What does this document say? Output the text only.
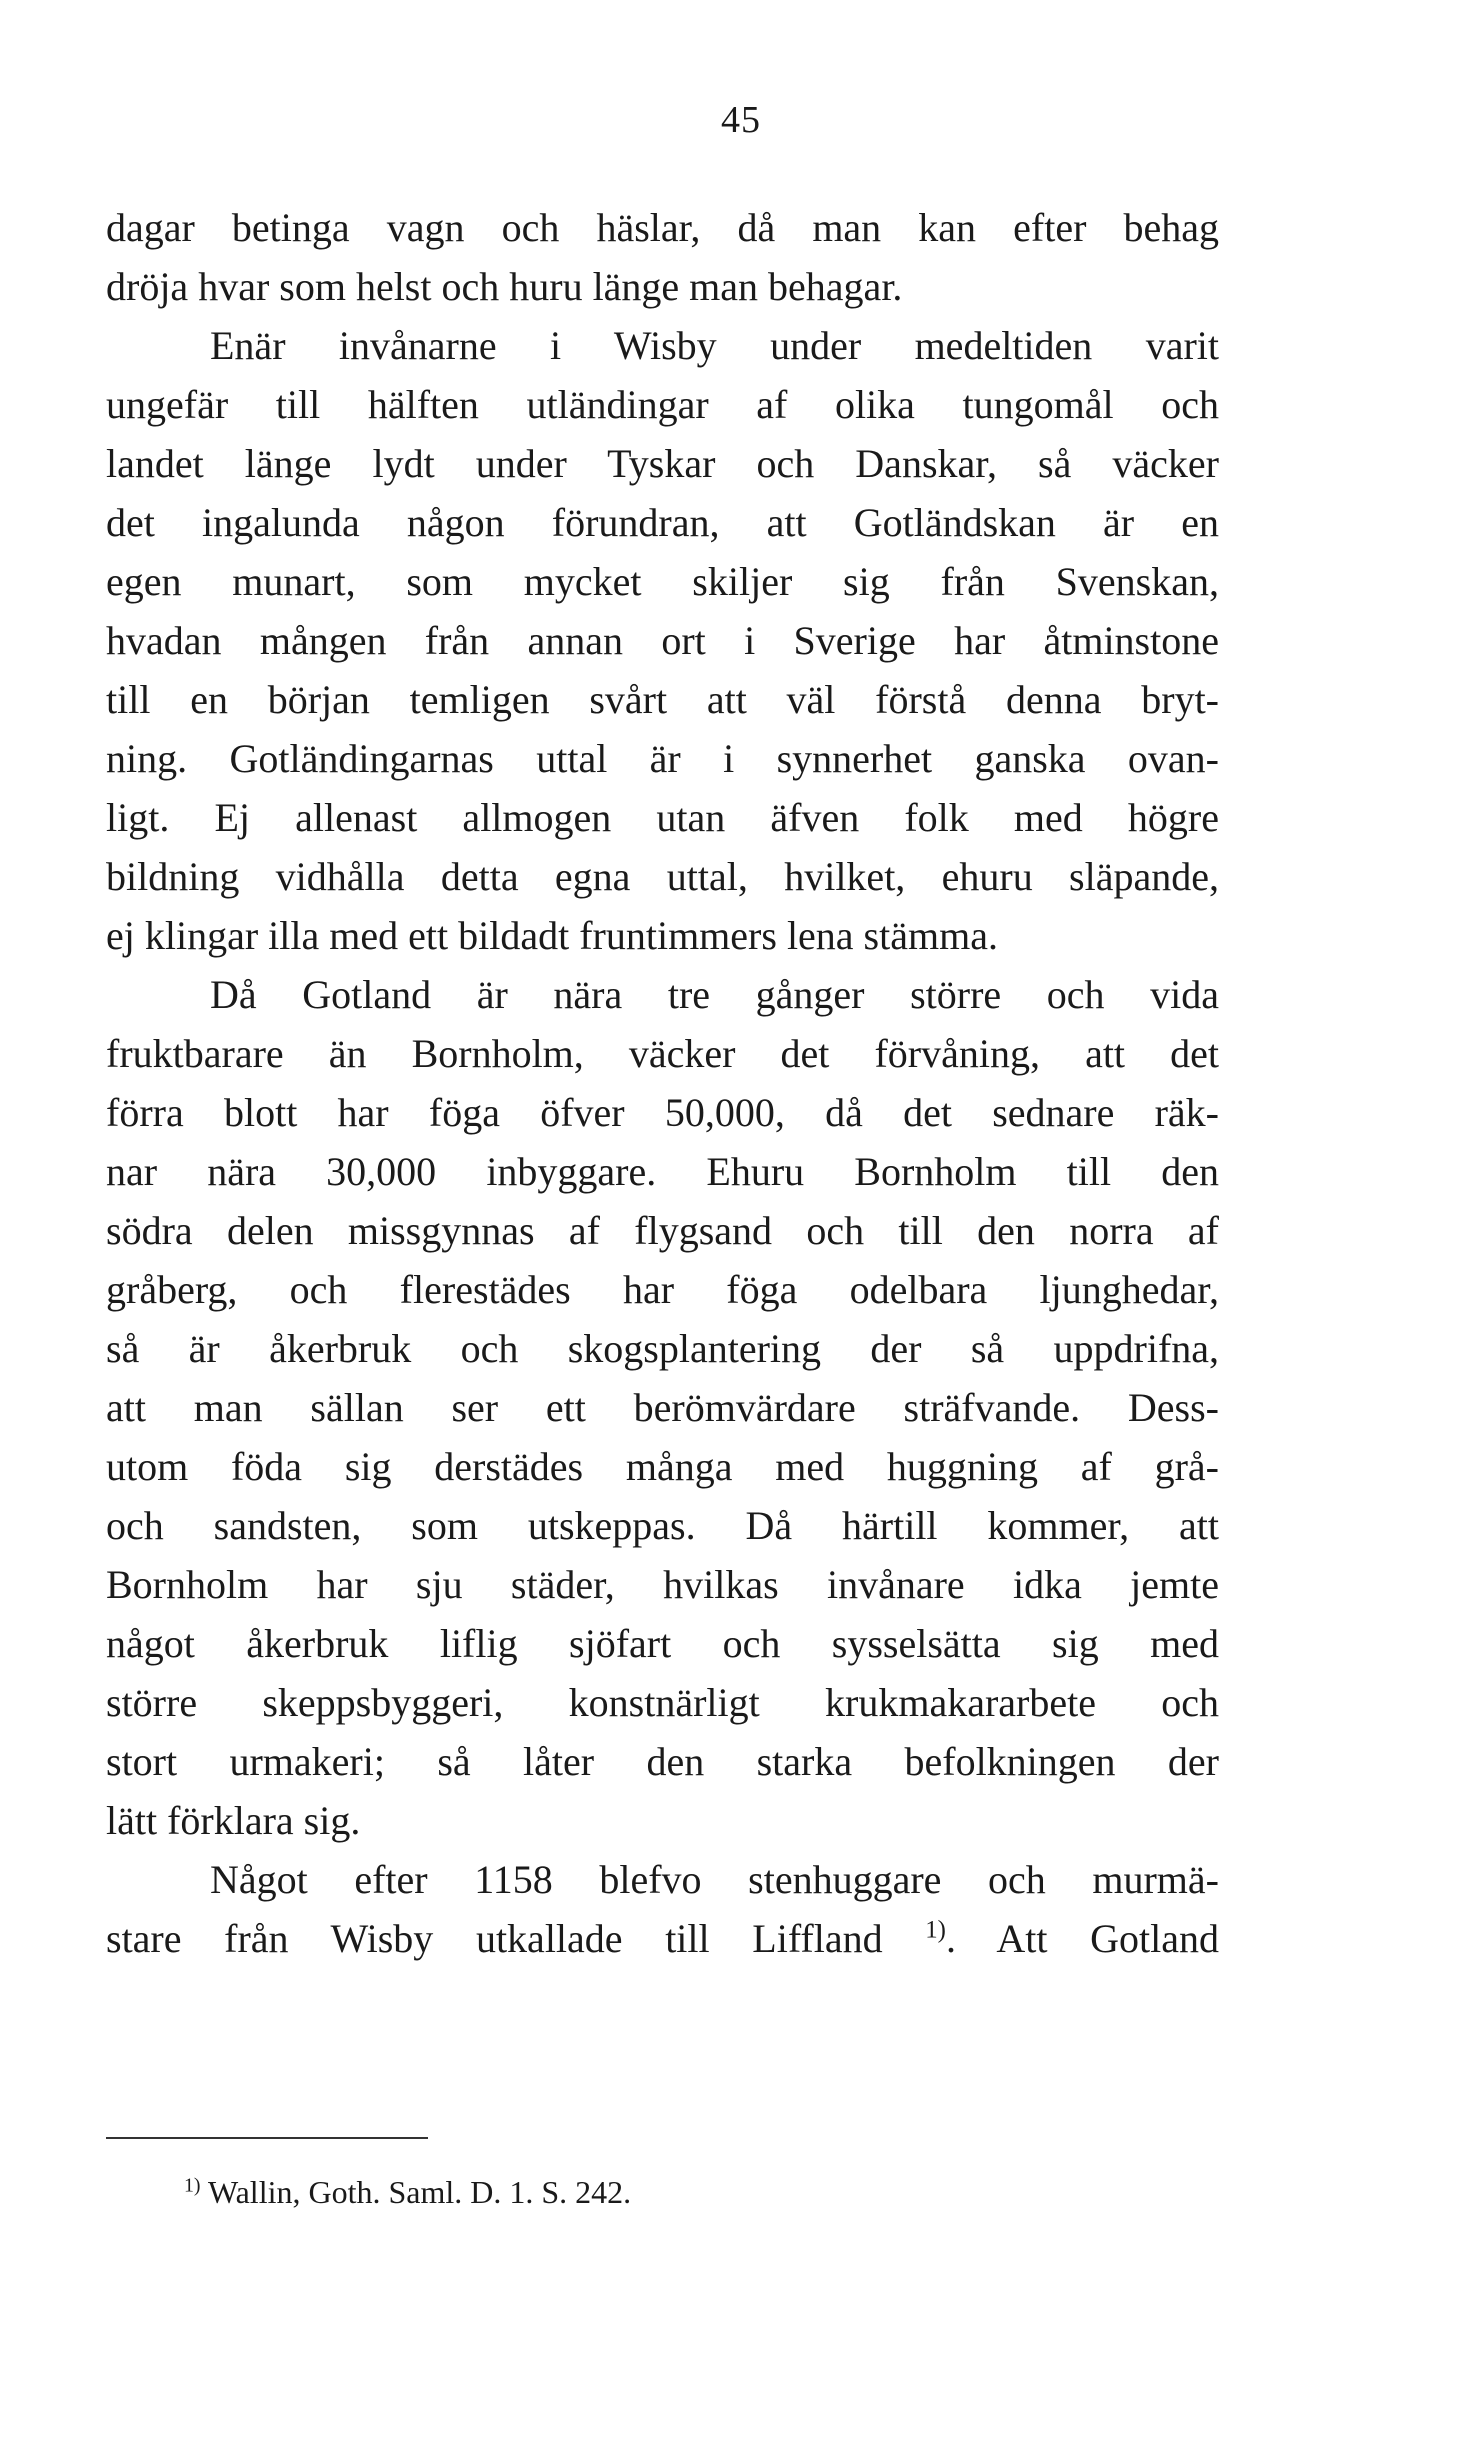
45
dagar betinga vagn och häslar, då man kan efter behag
dröja hvar som helst och huru länge man behagar.
Enär invånarne i Wisby under medeltiden varit
ungefär till hälften utländingar af olika tungomål och
landet länge lydt under Tyskar och Danskar, så väcker
det ingalunda någon förundran, att Gotländskan är en
egen munart, som mycket skiljer sig från Svenskan,
hvadan mången från annan ort i Sverige har åtminstone
till en början temligen svårt att väl förstå denna bryt-
ning. Gotländingarnas uttal är i synnerhet ganska ovan-
ligt. Ej allenast allmogen utan äfven folk med högre
bildning vidhålla detta egna uttal, hvilket, ehuru släpande,
ej klingar illa med ett bildadt fruntimmers lena stämma.
Då Gotland är nära tre gånger större och vida
fruktbarare än Bornholm, väcker det förvåning, att det
förra blott har föga öfver 50,000, då det sednare räk-
nar nära 30,000 inbyggare. Ehuru Bornholm till den
södra delen missgynnas af flygsand och till den norra af
gråberg, och flerestädes har föga odelbara ljunghedar,
så är åkerbruk och skogsplantering der så uppdrifna,
att man sällan ser ett berömvärdare sträfvande. Dess-
utom föda sig derstädes många med huggning af grå-
och sandsten, som utskeppas. Då härtill kommer, att
Bornholm har sju städer, hvilkas invånare idka jemte
något åkerbruk liflig sjöfart och sysselsätta sig med
större skeppsbyggeri, konstnärligt krukmakararbete och
stort urmakeri; så låter den starka befolkningen der
lätt förklara sig.
Något efter 1158 blefvo stenhuggare och murmä-
stare från Wisby utkallade till Liffland $^{1)}$. Att Gotland
$^{1)}$ Wallin, Goth. Saml. D. 1. S. 242.
